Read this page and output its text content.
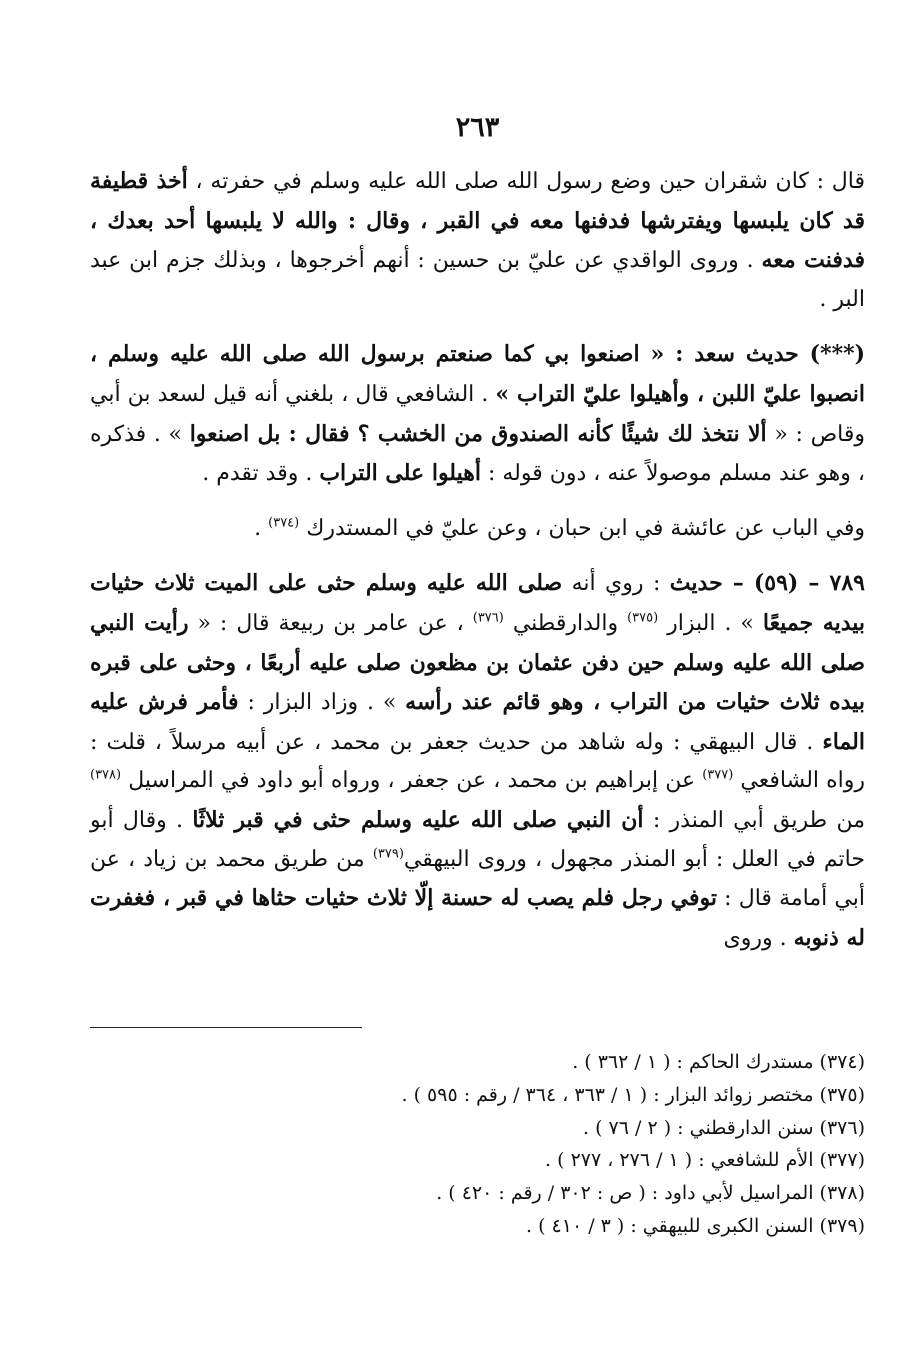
٢٦٣

قال : كان شقران حين وضع رسول الله صلى الله عليه وسلم في حفرته ، أخذ قطيفة قد كان يلبسها ويفترشها فدفنها معه في القبر ، وقال : والله لا يلبسها أحد بعدك ، فدفنت معه . وروى الواقدي عن عليّ بن حسين : أنهم أخرجوها ، وبذلك جزم ابن عبد البر .

(***) حديث سعد : « اصنعوا بي كما صنعتم برسول الله صلى الله عليه وسلم ، انصبوا عليّ اللبن ، وأهيلوا عليّ التراب » . الشافعي قال ، بلغني أنه قيل لسعد بن أبي وقاص : « ألا نتخذ لك شيئًا كأنه الصندوق من الخشب ؟ فقال : بل اصنعوا » . فذكره ، وهو عند مسلم موصولاً عنه ، دون قوله : أهيلوا على التراب . وقد تقدم .

وفي الباب عن عائشة في ابن حبان ، وعن عليّ في المستدرك $^{(٣٧٤)}$ .

٧٨٩ – (٥٩) – حديث : روي أنه صلى الله عليه وسلم حثى على الميت ثلاث حثيات بيديه جميعًا » . البزار $^{(٣٧٥)}$ والدارقطني $^{(٣٧٦)}$ ، عن عامر بن ربيعة قال : « رأيت النبي صلى الله عليه وسلم حين دفن عثمان بن مظعون صلى عليه أربعًا ، وحثى على قبره بيده ثلاث حثيات من التراب ، وهو قائم عند رأسه » . وزاد البزار : فأمر فرش عليه الماء . قال البيهقي : وله شاهد من حديث جعفر بن محمد ، عن أبيه مرسلاً ، قلت : رواه الشافعي $^{(٣٧٧)}$ عن إبراهيم بن محمد ، عن جعفر ، ورواه أبو داود في المراسيل $^{(٣٧٨)}$ من طريق أبي المنذر : أن النبي صلى الله عليه وسلم حثى في قبر ثلاثًا . وقال أبو حاتم في العلل : أبو المنذر مجهول ، وروى البيهقي$^{(٣٧٩)}$ من طريق محمد بن زياد ، عن أبي أمامة قال : توفي رجل فلم يصب له حسنة إلّا ثلاث حثيات حثاها في قبر ، فغفرت له ذنوبه . وروى

(٣٧٤) مستدرك الحاكم : ( ١ / ٣٦٢ ) .

(٣٧٥) مختصر زوائد البزار : ( ١ / ٣٦٣ ، ٣٦٤ / رقم : ٥٩٥ ) .

(٣٧٦) سنن الدارقطني : ( ٢ / ٧٦ ) .

(٣٧٧) الأم للشافعي : ( ١ / ٢٧٦ ، ٢٧٧ ) .

(٣٧٨) المراسيل لأبي داود : ( ص : ٣٠٢ / رقم : ٤٢٠ ) .

(٣٧٩) السنن الكبرى للبيهقي : ( ٣ / ٤١٠ ) .
